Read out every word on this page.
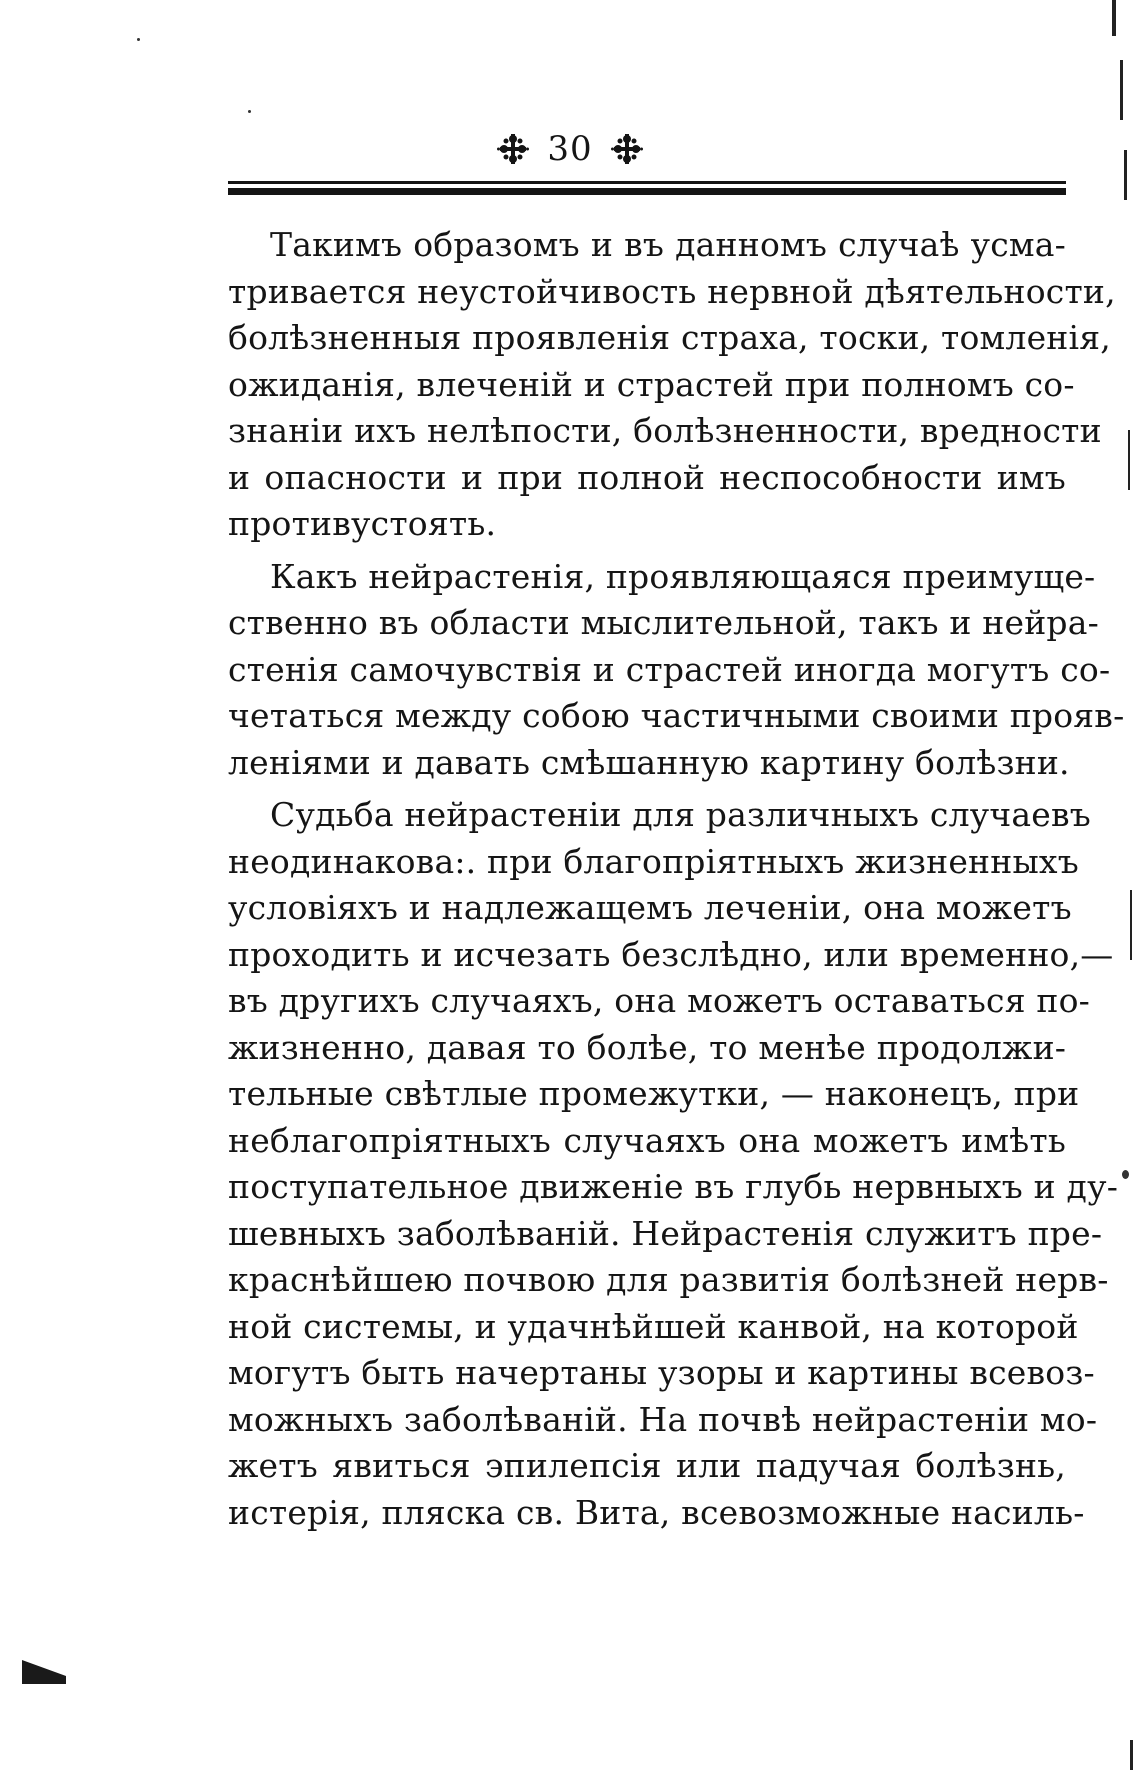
30
Такимъ образомъ и въ данномъ случаѣ усма-
тривается неустойчивость нервной дѣятельности,
болѣзненныя проявленія страха, тоски, томленія,
ожиданія, влеченій и страстей при полномъ со-
знаніи ихъ нелѣпости, болѣзненности, вредности
и опасности и при полной неспособности имъ
противустоять.
Какъ нейрастенія, проявляющаяся преимуще-
ственно въ области мыслительной, такъ и нейра-
стенія самочувствія и страстей иногда могутъ со-
четаться между собою частичными своими прояв-
леніями и давать смѣшанную картину болѣзни.
Судьба нейрастеніи для различныхъ случаевъ
неодинакова:. при благопріятныхъ жизненныхъ
условіяхъ и надлежащемъ леченіи, она можетъ
проходить и исчезать безслѣдно, или временно,—
въ другихъ случаяхъ, она можетъ оставаться по-
жизненно, давая то болѣе, то менѣе продолжи-
тельные свѣтлые промежутки, — наконецъ, при
неблагопріятныхъ случаяхъ она можетъ имѣть
поступательное движеніе въ глубь нервныхъ и ду-
шевныхъ заболѣваній. Нейрастенія служитъ пре-
краснѣйшею почвою для развитія болѣзней нерв-
ной системы, и удачнѣйшей канвой, на которой
могутъ быть начертаны узоры и картины всевоз-
можныхъ заболѣваній. На почвѣ нейрастеніи мо-
жетъ явиться эпилепсія или падучая болѣзнь,
истерія, пляска св. Вита, всевозможные насиль-
